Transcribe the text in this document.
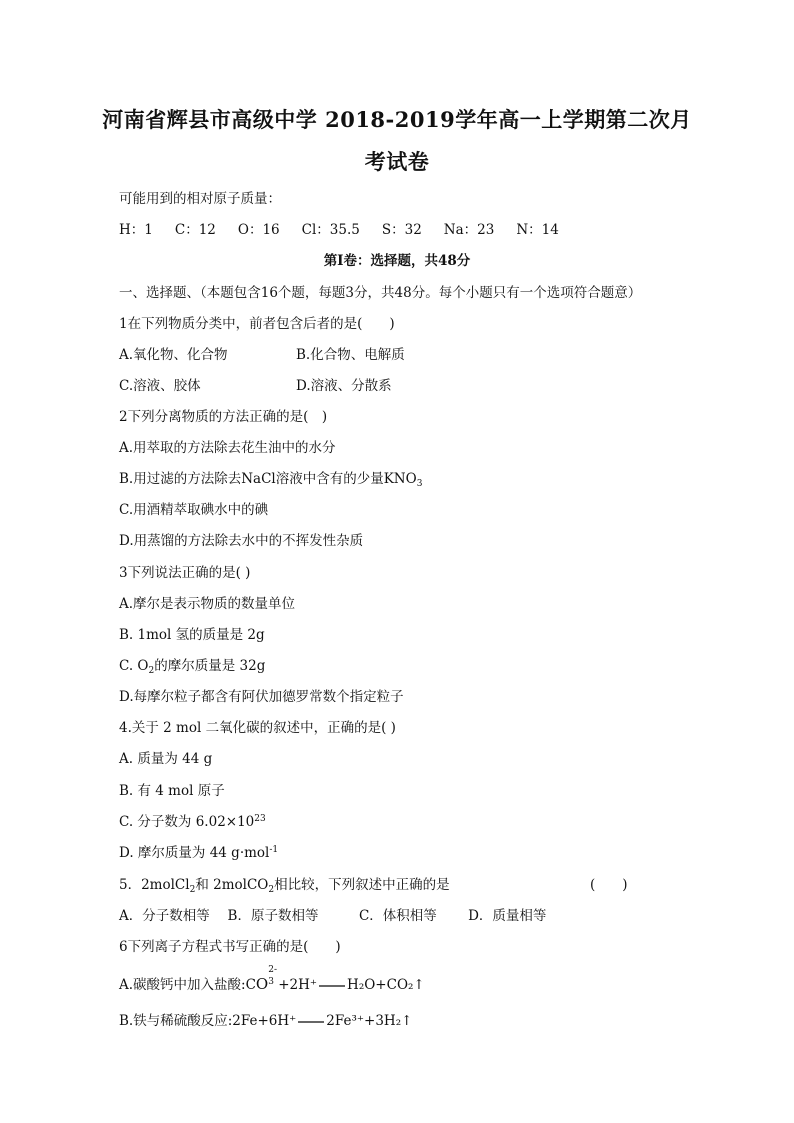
河南省辉县市高级中学 2018-2019学年高一上学期第二次月
考试卷
可能用到的相对原子质量：
H：1 C：12 O：16 Cl：35.5 S：32 Na：23 N：14
第Ⅰ卷：选择题，共48分
一、选择题、（本题包含16个题，每题3分，共48分。每个小题只有一个选项符合题意）
1在下列物质分类中，前者包含后者的是(　　)
A.氧化物、化合物	B.化合物、电解质
C.溶液、胶体	D.溶液、分散系
2下列分离物质的方法正确的是(　)
A.用萃取的方法除去花生油中的水分
B.用过滤的方法除去NaCl溶液中含有的少量$KNO_3$
C.用酒精萃取碘水中的碘
D.用蒸馏的方法除去水中的不挥发性杂质
3下列说法正确的是( )
A.摩尔是表示物质的数量单位
B. 1mol 氢的质量是 2g
C. $O_2$的摩尔质量是 32g
D.每摩尔粒子都含有阿伏加德罗常数个指定粒子
4.关于 2 mol 二氧化碳的叙述中，正确的是( )
A. 质量为 44 g
B. 有 4 mol 原子
C. 分子数为 $6.02\times 10^{23}$
D. 摩尔质量为 44 g·mol$^{-1}$
5．2molCl$_2$和 2molCO$_2$相比较，下列叙述中正确的是	(　　)
A．分子数相等　 B．原子数相等　　　C．体积相等　　 D．质量相等
6下列离子方程式书写正确的是(　　)
A.碳酸钙中加入盐酸:CO
2-
3 +2H⁺ H₂O+CO₂↑
B.铁与稀硫酸反应:2Fe+6H⁺ 2Fe³⁺+3H₂↑
